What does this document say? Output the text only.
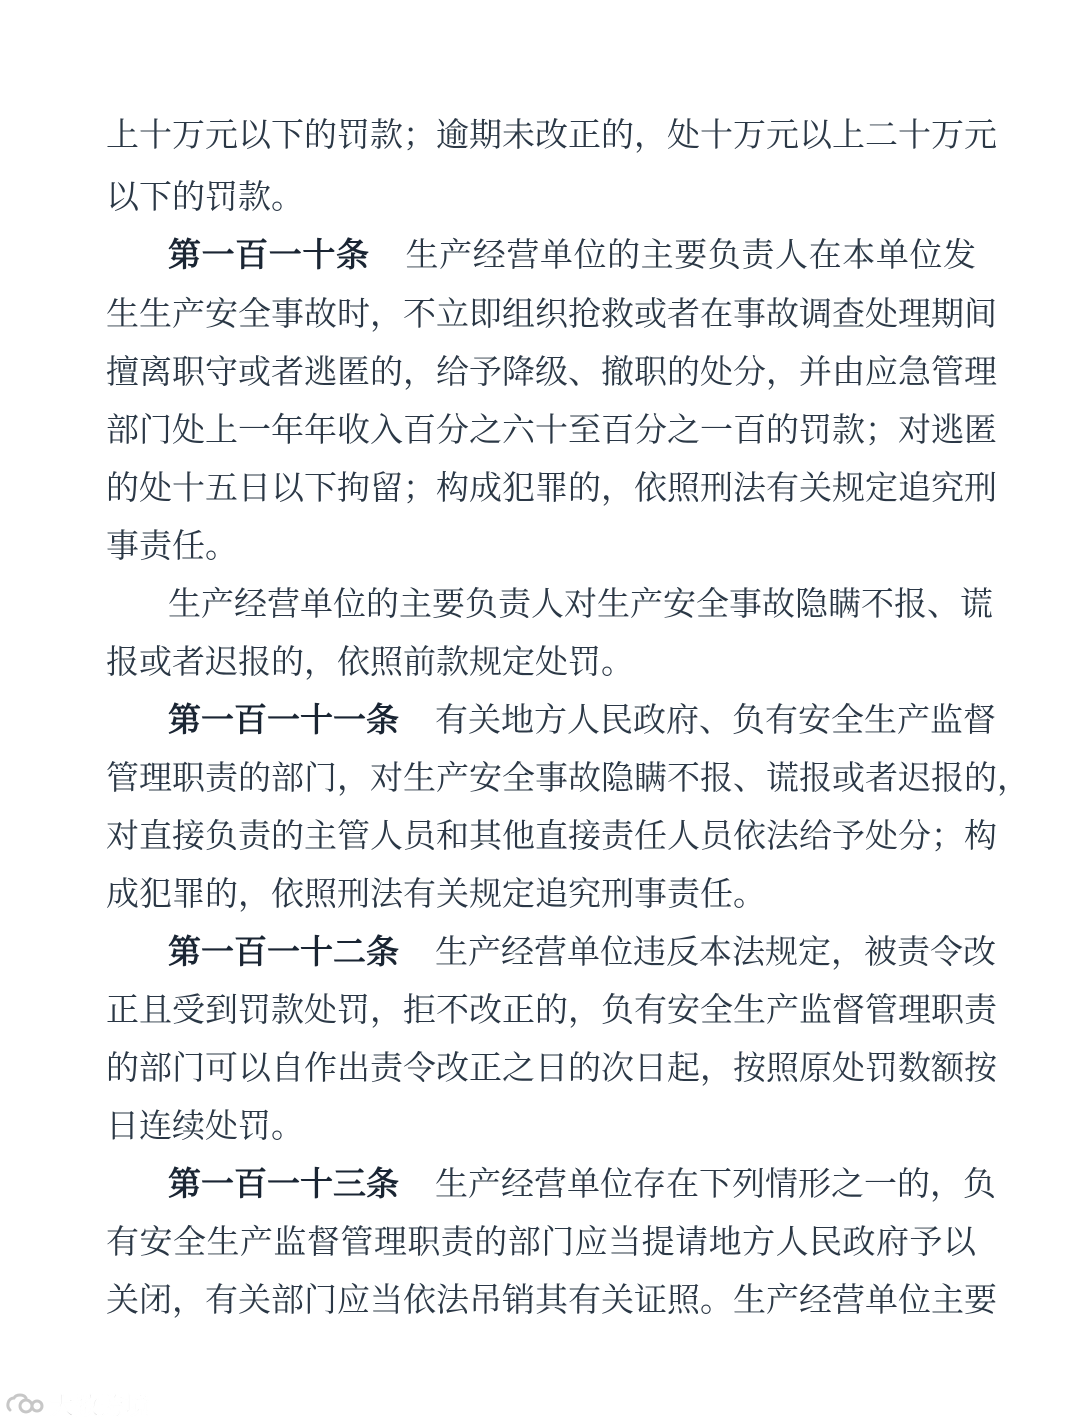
上十万元以下的罚款；逾期未改正的，处十万元以上二十万元
以下的罚款。
第一百一十条 生产经营单位的主要负责人在本单位发
生生产安全事故时，不立即组织抢救或者在事故调查处理期间
擅离职守或者逃匿的，给予降级、撤职的处分，并由应急管理
部门处上一年年收入百分之六十至百分之一百的罚款；对逃匿
的处十五日以下拘留；构成犯罪的，依照刑法有关规定追究刑
事责任。
生产经营单位的主要负责人对生产安全事故隐瞒不报、谎
报或者迟报的，依照前款规定处罚。
第一百一十一条 有关地方人民政府、负有安全生产监督
管理职责的部门，对生产安全事故隐瞒不报、谎报或者迟报的，
对直接负责的主管人员和其他直接责任人员依法给予处分；构
成犯罪的，依照刑法有关规定追究刑事责任。
第一百一十二条 生产经营单位违反本法规定，被责令改
正且受到罚款处罚，拒不改正的，负有安全生产监督管理职责
的部门可以自作出责令改正之日的次日起，按照原处罚数额按
日连续处罚。
第一百一十三条 生产经营单位存在下列情形之一的，负
有安全生产监督管理职责的部门应当提请地方人民政府予以
关闭，有关部门应当依法吊销其有关证照。生产经营单位主要
大数跨境
